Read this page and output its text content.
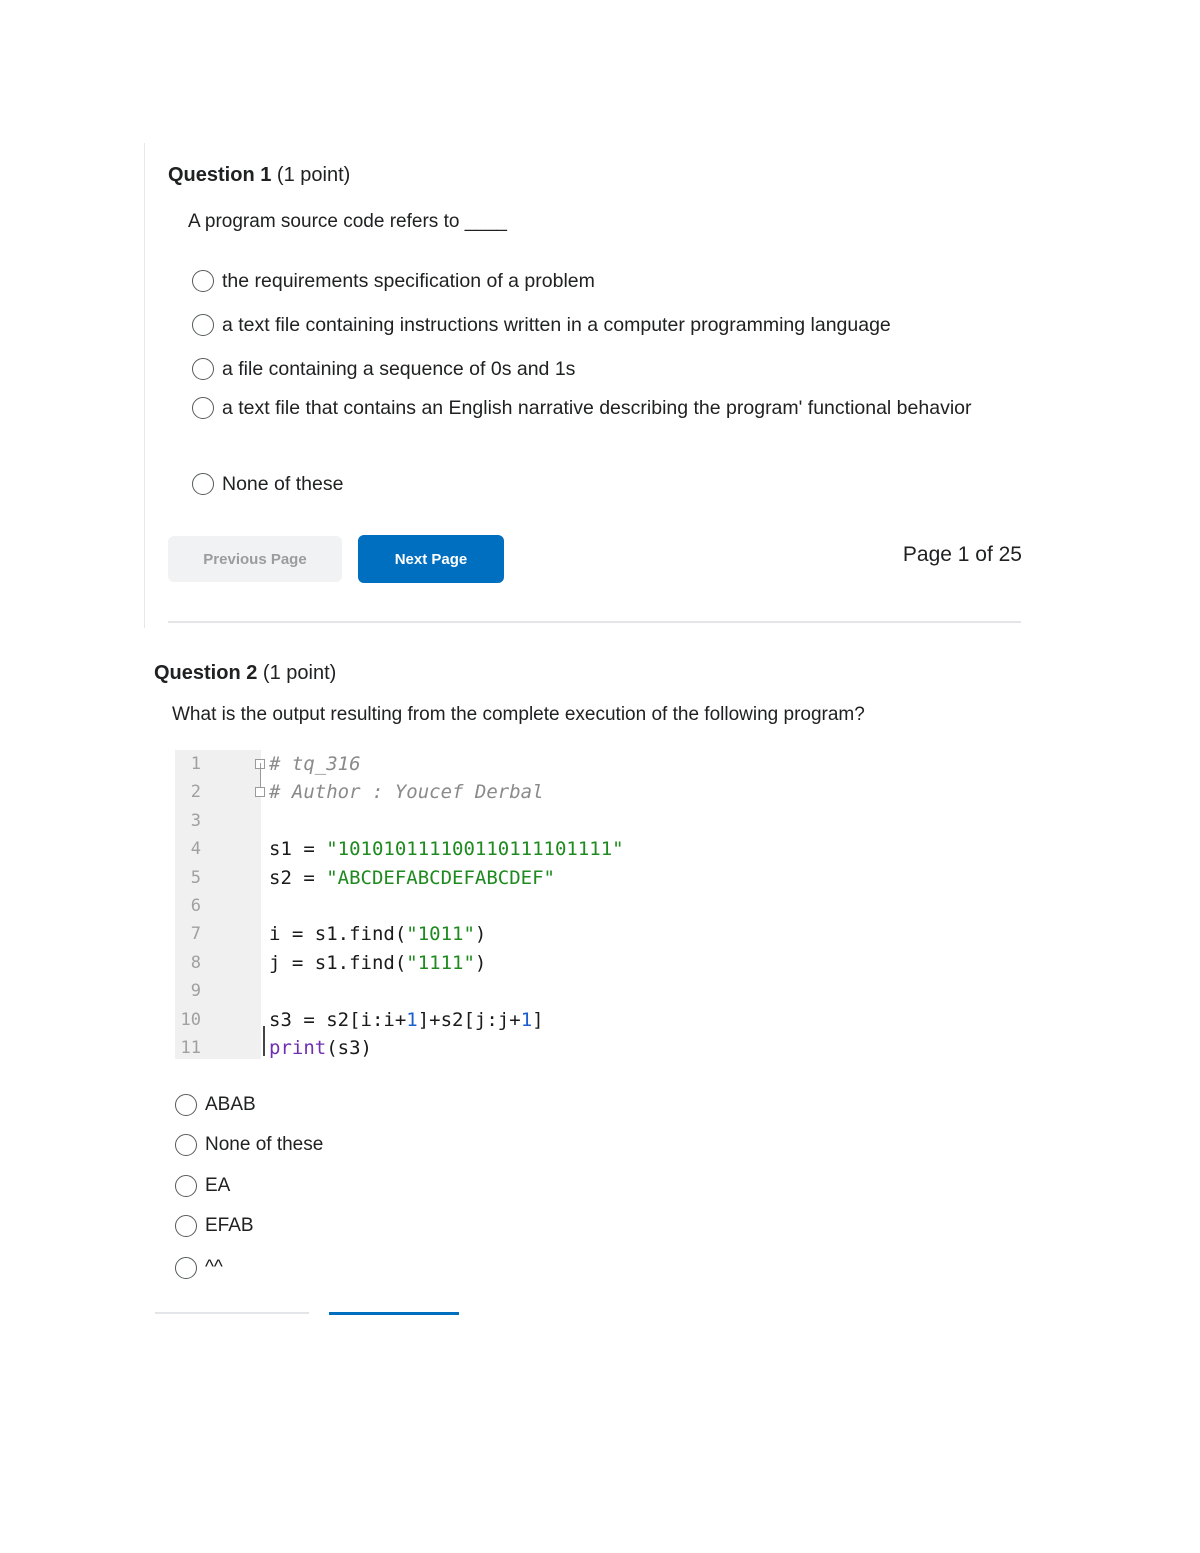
Question 1 (1 point)
A program source code refers to ____
the requirements specification of a problem
a text file containing instructions written in a computer programming language
a file containing a sequence of 0s and 1s
a text file that contains an English narrative describing the program' functional behavior
None of these
Previous Page	Next Page	Page 1 of 25
Question 2 (1 point)
What is the output resulting from the complete execution of the following program?
1	# tq_316
2	# Author : Youcef Derbal
3
4	s1 = "101010111100110111101111"
5	s2 = "ABCDEFABCDEFABCDEF"
6
7	i = s1.find("1011")
8	j = s1.find("1111")
9
10	s3 = s2[i:i+1]+s2[j:j+1]
11	print(s3)
ABAB
None of these
EA
EFAB
^^
